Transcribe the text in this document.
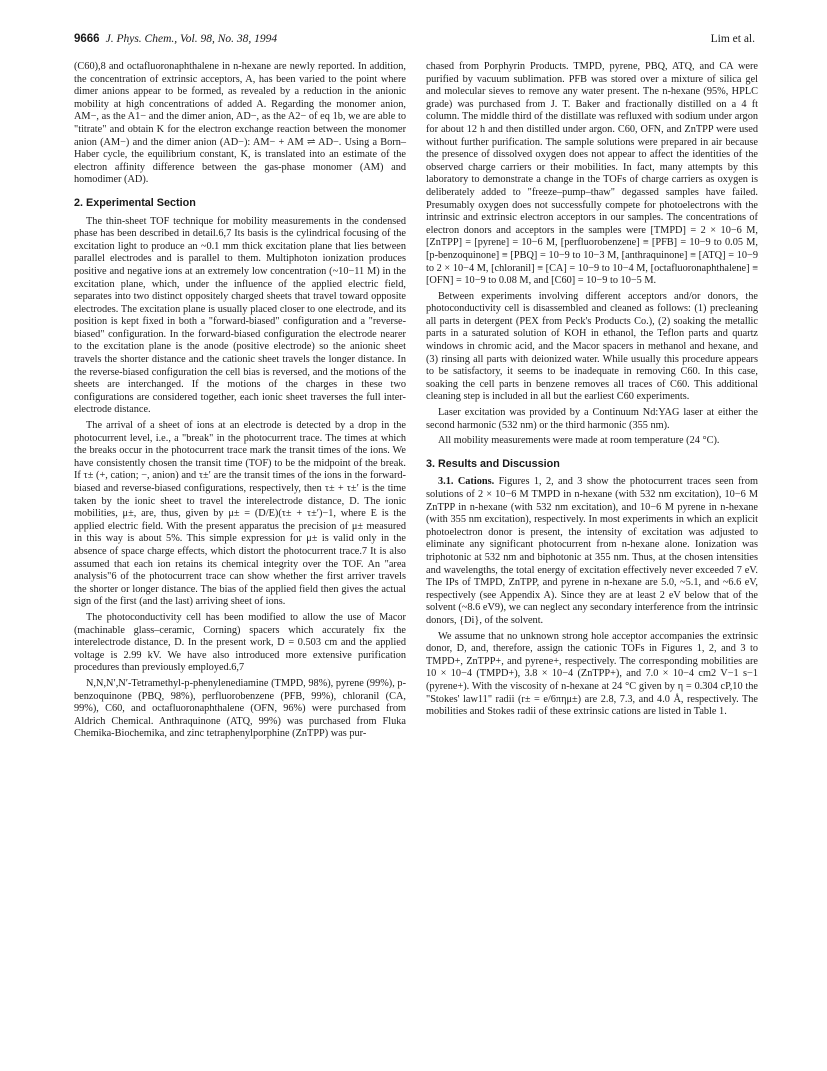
9666 J. Phys. Chem., Vol. 98, No. 38, 1994	Lim et al.

(C60),8 and octafluoronaphthalene in n-hexane are newly reported. In addition, the concentration of extrinsic acceptors, A, has been varied to the point where dimer anions appear to be formed, as revealed by a reduction in the anionic mobility at high concentrations of added A. Regarding the monomer anion, AM−, as the A1− and the dimer anion, AD−, as the A2− of eq 1b, we are able to "titrate" and obtain K for the electron exchange reaction between the monomer anion (AM−) and the dimer anion (AD−): AM− + AM ⇌ AD−. Using a Born–Haber cycle, the equilibrium constant, K, is translated into an estimate of the electron affinity difference between the gas-phase monomer (AM) and homodimer (AD).

2. Experimental Section

The thin-sheet TOF technique for mobility measurements in the condensed phase has been described in detail.6,7 Its basis is the cylindrical focusing of the excitation light to produce an ~0.1 mm thick excitation plane that lies between parallel electrodes and is parallel to them. Multiphoton ionization produces positive and negative ions at an extremely low concentration (~10−11 M) in the excitation plane, which, under the influence of the applied electric field, separates into two distinct oppositely charged sheets that travel toward opposite electrodes. The excitation plane is usually placed closer to one electrode, and its position is kept fixed in both a "forward-biased" configuration and a "reverse-biased" configuration. In the forward-biased configuration the electrode nearer to the excitation plane is the anode (positive electrode) so the anionic sheet travels the shorter distance and the cationic sheet travels the longer distance. In the reverse-biased configuration the cell bias is reversed, and the motions of the sheets are interchanged. If the motions of the charges in these two configurations are considered together, each ionic sheet traverses the full inter-electrode distance.

The arrival of a sheet of ions at an electrode is detected by a drop in the photocurrent level, i.e., a "break" in the photocurrent trace. The times at which the breaks occur in the photocurrent trace mark the transit times of the ions. We have consistently chosen the transit time (TOF) to be the midpoint of the break. If τ± (+, cation; −, anion) and τ±′ are the transit times of the ions in the forward-biased and reverse-biased configurations, respectively, then τ± + τ±′ is the time taken by the ionic sheet to travel the interelectrode distance, D. The ionic mobilities, μ±, are, thus, given by μ± = (D/E)(τ± + τ±′)−1, where E is the applied electric field. With the present apparatus the precision of μ± measured in this way is about 5%. This simple expression for μ± is valid only in the absence of space charge effects, which distort the photocurrent trace.7 It is also assumed that each ion retains its chemical integrity over the TOF. An "area analysis"6 of the photocurrent trace can show whether the first arriver travels the shorter or longer distance. The bias of the applied field then gives the actual sign of the first (and the last) arriving sheet of ions.

The photoconductivity cell has been modified to allow the use of Macor (machinable glass–ceramic, Corning) spacers which accurately fix the interelectrode distance, D. In the present work, D = 0.503 cm and the applied voltage is 2.99 kV. We have also introduced more extensive purification procedures than previously employed.6,7

N,N,N′,N′-Tetramethyl-p-phenylenediamine (TMPD, 98%), pyrene (99%), p-benzoquinone (PBQ, 98%), perfluorobenzene (PFB, 99%), chloranil (CA, 99%), C60, and octafluoronaphthalene (OFN, 96%) were purchased from Aldrich Chemical. Anthraquinone (ATQ, 99%) was purchased from Fluka Chemika-Biochemika, and zinc tetraphenylporphine (ZnTPP) was pur-

chased from Porphyrin Products. TMPD, pyrene, PBQ, ATQ, and CA were purified by vacuum sublimation. PFB was stored over a mixture of silica gel and molecular sieves to remove any water present. The n-hexane (95%, HPLC grade) was purchased from J. T. Baker and fractionally distilled on a 4 ft column. The middle third of the distillate was refluxed with sodium under argon for about 12 h and then distilled under argon. C60, OFN, and ZnTPP were used without further purification. The sample solutions were prepared in air because the presence of dissolved oxygen does not appear to affect the identities of the observed charge carriers or their mobilities. In fact, many attempts by this laboratory to demonstrate a change in the TOFs of charge carriers as oxygen is deliberately added to "freeze–pump–thaw" degassed samples have failed. Presumably oxygen does not successfully compete for photoelectrons with the intrinsic and extrinsic electron acceptors in our samples. The concentrations of electron donors and acceptors in the samples were [TMPD] = 2 × 10−6 M, [ZnTPP] = [pyrene] = 10−6 M, [perfluorobenzene] ≡ [PFB] = 10−9 to 0.05 M, [p-benzoquinone] ≡ [PBQ] = 10−9 to 10−3 M, [anthraquinone] ≡ [ATQ] = 10−9 to 2 × 10−4 M, [chloranil] ≡ [CA] = 10−9 to 10−4 M, [octafluoronaphthalene] ≡ [OFN] = 10−9 to 0.08 M, and [C60] = 10−9 to 10−5 M.

Between experiments involving different acceptors and/or donors, the photoconductivity cell is disassembled and cleaned as follows: (1) precleaning all parts in detergent (PEX from Peck's Products Co.), (2) soaking the metallic parts in a saturated solution of KOH in ethanol, the Teflon parts and quartz windows in chromic acid, and the Macor spacers in methanol and hexane, and (3) rinsing all parts with deionized water. While usually this procedure appears to be satisfactory, it seems to be inadequate in removing C60. In this case, soaking the cell parts in benzene removes all traces of C60. This additional cleaning step is included in all but the earliest C60 experiments.

Laser excitation was provided by a Continuum Nd:YAG laser at either the second harmonic (532 nm) or the third harmonic (355 nm).

All mobility measurements were made at room temperature (24 °C).

3. Results and Discussion

3.1. Cations. Figures 1, 2, and 3 show the photocurrent traces seen from solutions of 2 × 10−6 M TMPD in n-hexane (with 532 nm excitation), 10−6 M ZnTPP in n-hexane (with 532 nm excitation), and 10−6 M pyrene in n-hexane (with 355 nm excitation), respectively. In most experiments in which an explicit photoelectron donor is present, the intensity of excitation was adjusted to eliminate any significant photocurrent from n-hexane alone. Ionization was triphotonic at 532 nm and biphotonic at 355 nm. Thus, at the chosen intensities and wavelengths, the total energy of excitation effectively never exceeded 7 eV. The IPs of TMPD, ZnTPP, and pyrene in n-hexane are 5.0, ~5.1, and ~6.6 eV, respectively (see Appendix A). Since they are at least 2 eV below that of the solvent (~8.6 eV9), we can neglect any secondary interference from the intrinsic donors, {Di}, of the solvent.

We assume that no unknown strong hole acceptor accompanies the extrinsic donor, D, and, therefore, assign the cationic TOFs in Figures 1, 2, and 3 to TMPD+, ZnTPP+, and pyrene+, respectively. The corresponding mobilities are 10 × 10−4 (TMPD+), 3.8 × 10−4 (ZnTPP+), and 7.0 × 10−4 cm2 V−1 s−1 (pyrene+). With the viscosity of n-hexane at 24 °C given by η = 0.304 cP,10 the "Stokes' law11" radii (r± = e/6πημ±) are 2.8, 7.3, and 4.0 Å, respectively. The mobilities and Stokes radii of these extrinsic cations are listed in Table 1.
